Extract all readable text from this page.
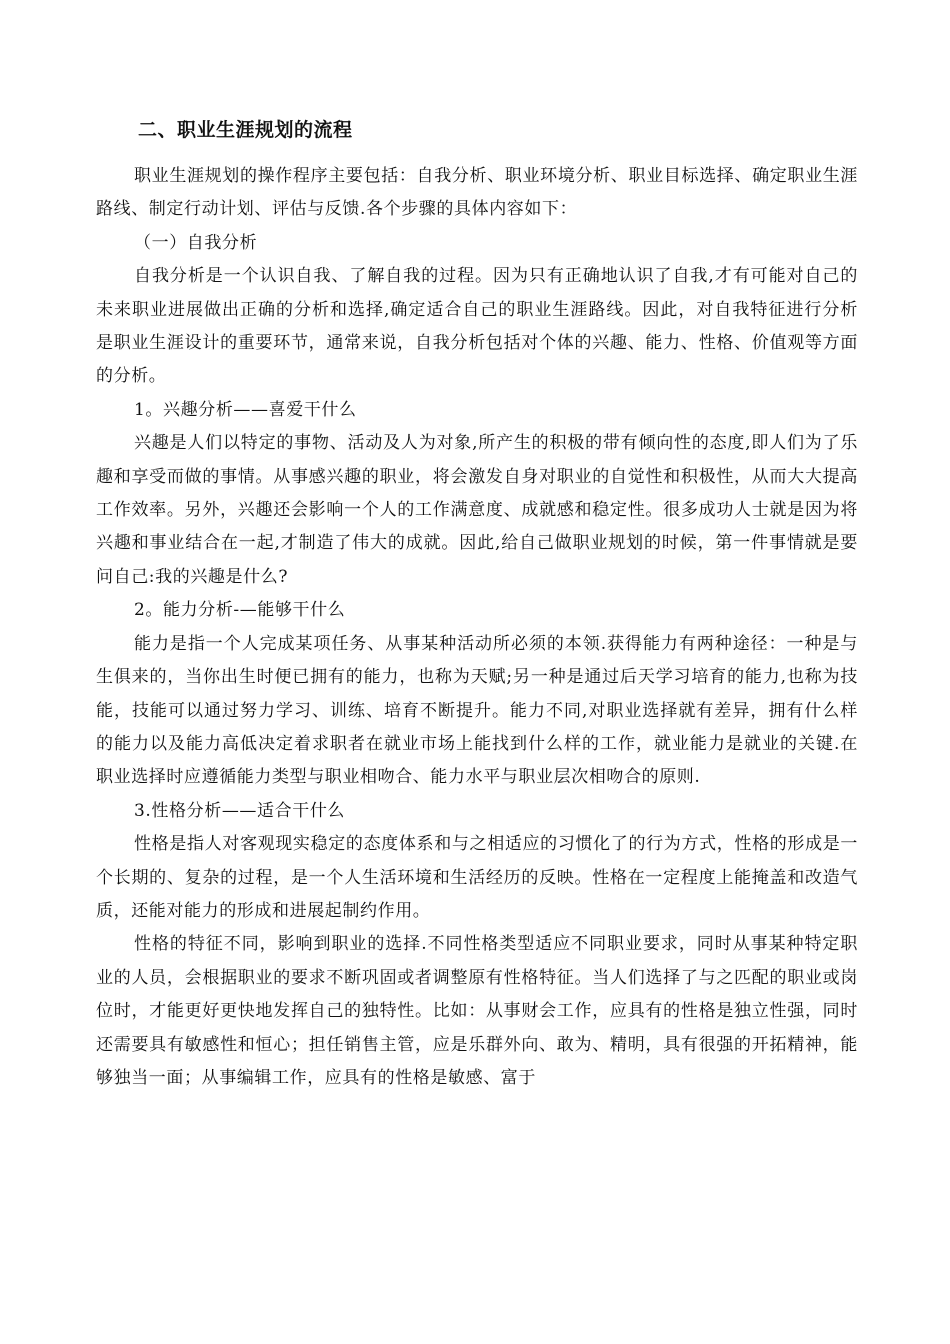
二、职业生涯规划的流程

职业生涯规划的操作程序主要包括：自我分析、职业环境分析、职业目标选择、确定职业生涯路线、制定行动计划、评估与反馈.各个步骤的具体内容如下：

（一）自我分析

自我分析是一个认识自我、了解自我的过程。因为只有正确地认识了自我,才有可能对自己的未来职业进展做出正确的分析和选择,确定适合自己的职业生涯路线。因此，对自我特征进行分析是职业生涯设计的重要环节，通常来说，自我分析包括对个体的兴趣、能力、性格、价值观等方面的分析。

1。兴趣分析——喜爱干什么

兴趣是人们以特定的事物、活动及人为对象,所产生的积极的带有倾向性的态度,即人们为了乐趣和享受而做的事情。从事感兴趣的职业，将会激发自身对职业的自觉性和积极性，从而大大提高工作效率。另外，兴趣还会影响一个人的工作满意度、成就感和稳定性。很多成功人士就是因为将兴趣和事业结合在一起,才制造了伟大的成就。因此,给自己做职业规划的时候，第一件事情就是要问自己:我的兴趣是什么?

2。能力分析-—能够干什么

能力是指一个人完成某项任务、从事某种活动所必须的本领.获得能力有两种途径：一种是与生俱来的，当你出生时便已拥有的能力，也称为天赋;另一种是通过后天学习培育的能力,也称为技能，技能可以通过努力学习、训练、培育不断提升。能力不同,对职业选择就有差异，拥有什么样的能力以及能力高低决定着求职者在就业市场上能找到什么样的工作，就业能力是就业的关键.在职业选择时应遵循能力类型与职业相吻合、能力水平与职业层次相吻合的原则.

3.性格分析——适合干什么

性格是指人对客观现实稳定的态度体系和与之相适应的习惯化了的行为方式，性格的形成是一个长期的、复杂的过程，是一个人生活环境和生活经历的反映。性格在一定程度上能掩盖和改造气质，还能对能力的形成和进展起制约作用。

性格的特征不同，影响到职业的选择.不同性格类型适应不同职业要求，同时从事某种特定职业的人员，会根据职业的要求不断巩固或者调整原有性格特征。当人们选择了与之匹配的职业或岗位时，才能更好更快地发挥自己的独特性。比如：从事财会工作，应具有的性格是独立性强，同时还需要具有敏感性和恒心；担任销售主管，应是乐群外向、敢为、精明，具有很强的开拓精神，能够独当一面；从事编辑工作，应具有的性格是敏感、富于
